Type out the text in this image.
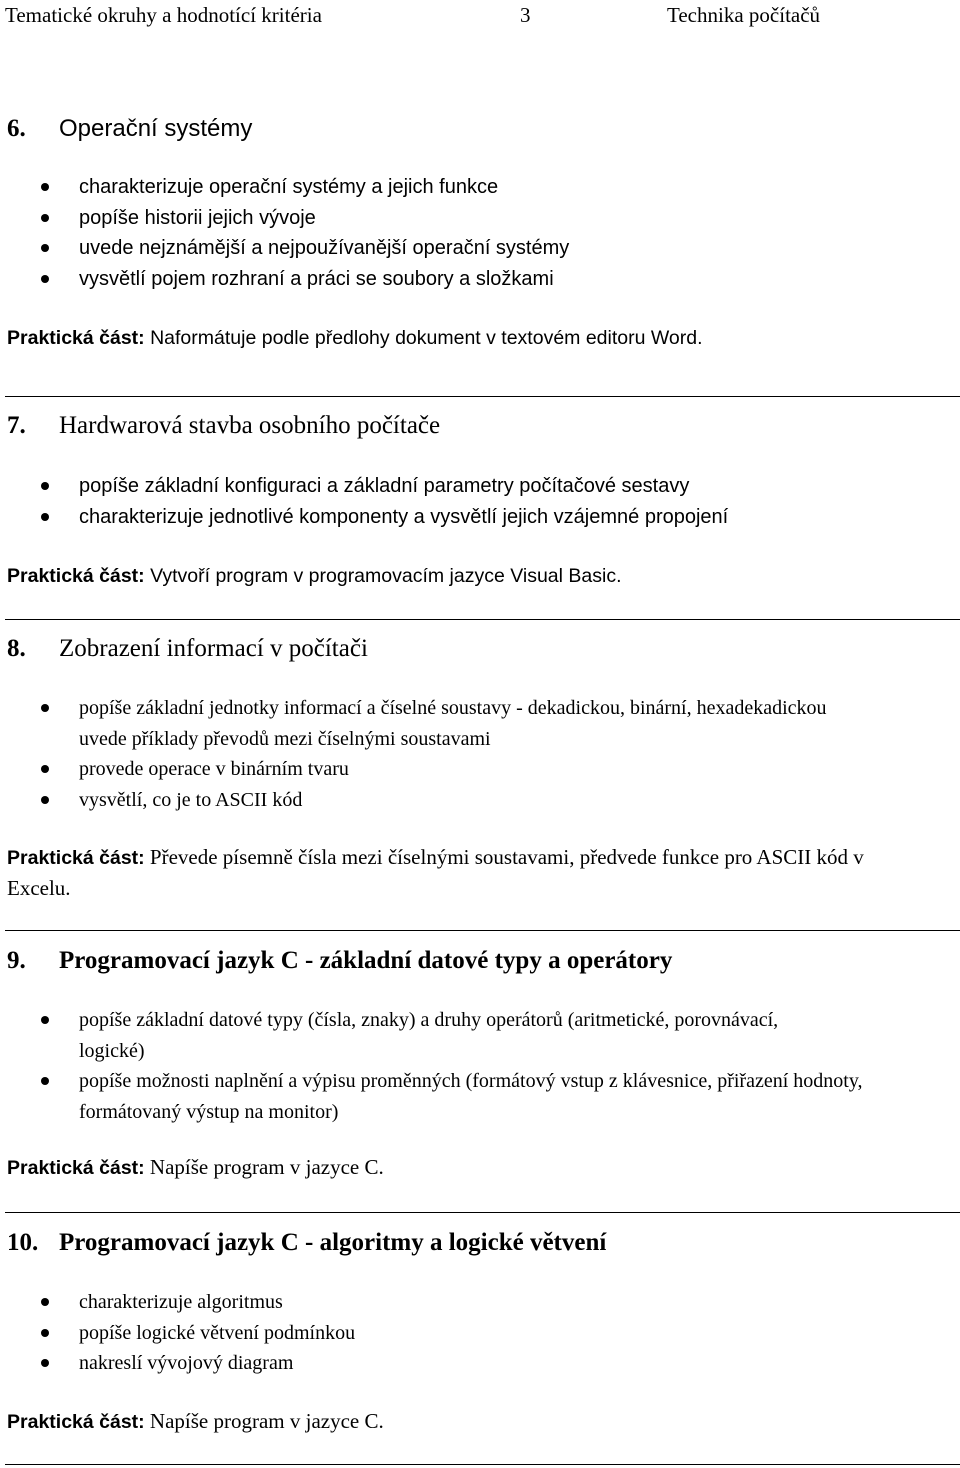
Tematické okruhy a hodnotící kritéria	3	Technika počítačů
6. Operační systémy
charakterizuje operační systémy a jejich funkce
popíše historii jejich vývoje
uvede nejznámější a nejpoužívanější operační systémy
vysvětlí pojem rozhraní a práci se soubory a složkami
Praktická část: Naformátuje podle předlohy dokument v textovém editoru Word.
7. Hardwarová stavba osobního počítače
popíše základní konfiguraci a základní parametry počítačové sestavy
charakterizuje jednotlivé komponenty a vysvětlí jejich vzájemné propojení
Praktická část: Vytvoří program v programovacím jazyce Visual Basic.
8. Zobrazení informací v počítači
popíše základní jednotky informací a číselné soustavy - dekadickou, binární, hexadekadickou uvede příklady převodů mezi číselnými soustavami
provede operace v binárním tvaru
vysvětlí, co je to ASCII kód
Praktická část: Převede písemně čísla mezi číselnými soustavami, předvede funkce pro ASCII kód v Excelu.
9. Programovací jazyk C - základní datové typy a operátory
popíše základní datové typy (čísla, znaky) a druhy operátorů (aritmetické, porovnávací, logické)
popíše možnosti naplnění a výpisu proměnných (formátový vstup z klávesnice, přiřazení hodnoty, formátovaný výstup na monitor)
Praktická část: Napíše program v jazyce C.
10. Programovací jazyk C - algoritmy a logické větvení
charakterizuje algoritmus
popíše logické větvení podmínkou
nakreslí vývojový diagram
Praktická část: Napíše program v jazyce C.
